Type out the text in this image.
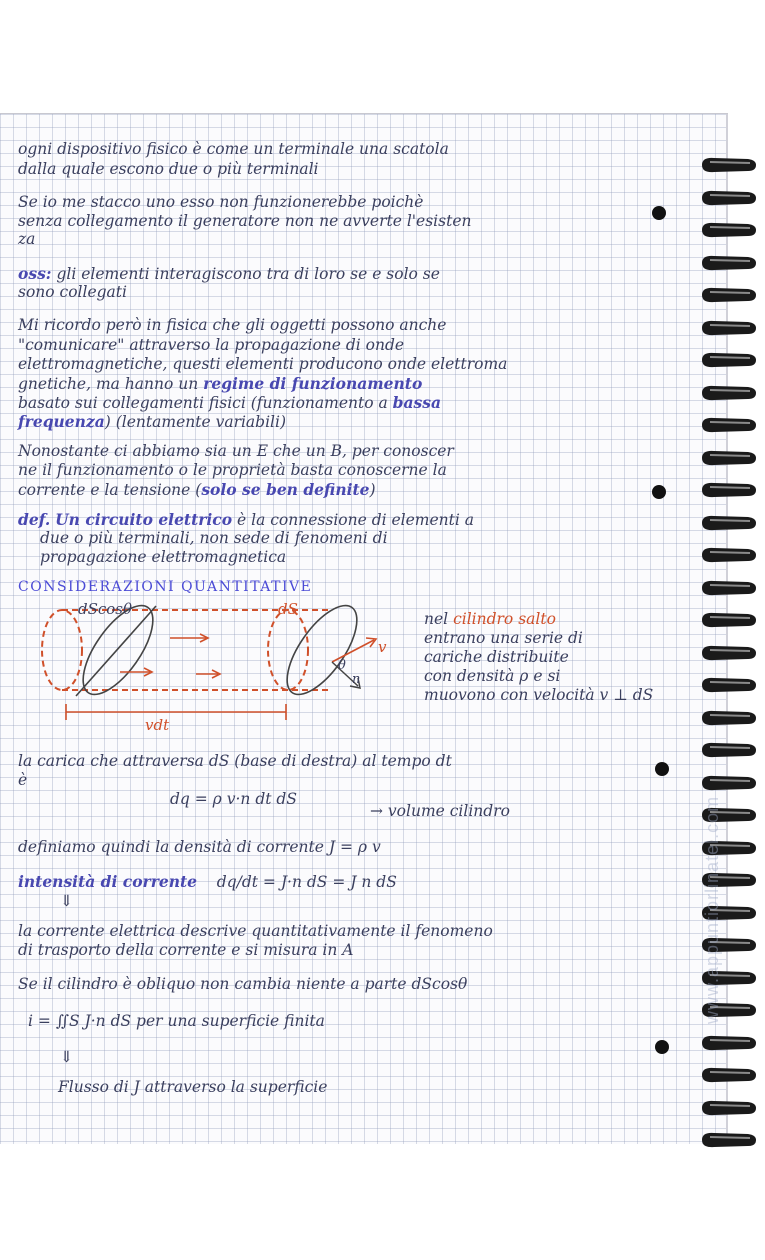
www.appuntiorlinatel.com

ogni dispositivo fisico è come un terminale una scatola

dalla quale escono due o più terminali

Se io me stacco uno esso non funzionerebbe poichè

senza collegamento il generatore non ne avverte l'esisten

za

oss: gli elementi interagiscono tra di loro se e solo se

sono collegati

Mi ricordo però in fisica che gli oggetti possono anche

"comunicare" attraverso la propagazione di onde

elettromagnetiche, questi elementi producono onde elettroma

gnetiche, ma hanno un regime di funzionamento

basato sui collegamenti fisici (funzionamento a bassa

frequenza) (lentamente variabili)

Nonostante ci abbiamo sia un E che un B, per conoscer

ne il funzionamento o le proprietà basta conoscerne la

corrente e la tensione (solo se ben definite)

def. Un circuito elettrico è la connessione di elementi a

due o più terminali, non sede di fenomeni di

propagazione elettromagnetica

CONSIDERAZIONI QUANTITATIVE

dScosθ	dS
v
n
θ
vdt

nel cilindro salto

entrano una serie di

cariche distribuite

con densità ρ e si

muovono con velocità v ⊥ dS

la carica che attraversa dS (base di destra) al tempo dt

è

dq = ρ v·n dt dS

→ volume cilindro

definiamo quindi la densità di corrente J = ρ v

intensità di corrente dq/dt = J·n dS = J n dS

⇓

la corrente elettrica descrive quantitativamente il fenomeno

di trasporto della corrente e si misura in A

Se il cilindro è obliquo non cambia niente a parte dScosθ

i = ∬S J·n dS per una superficie finita

⇓

Flusso di J attraverso la superficie
